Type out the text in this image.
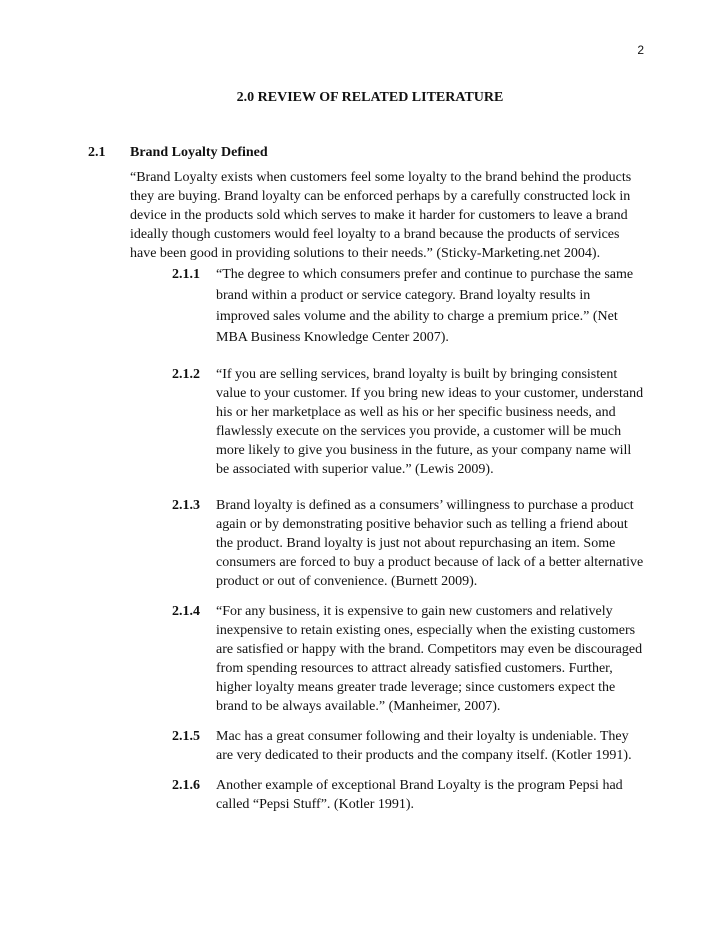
2
2.0 REVIEW OF RELATED LITERATURE
2.1 Brand Loyalty Defined
“Brand Loyalty exists when customers feel some loyalty to the brand behind the products they are buying. Brand loyalty can be enforced perhaps by a carefully constructed lock in device in the products sold which serves to make it harder for customers to leave a brand ideally though customers would feel loyalty to a brand because the products of services have been good in providing solutions to their needs.” (Sticky-Marketing.net 2004).
2.1.1	“The degree to which consumers prefer and continue to purchase the same brand within a product or service category. Brand loyalty results in improved sales volume and the ability to charge a premium price.” (Net MBA Business Knowledge Center 2007).
2.1.2	“If you are selling services, brand loyalty is built by bringing consistent value to your customer. If you bring new ideas to your customer, understand his or her marketplace as well as his or her specific business needs, and flawlessly execute on the services you provide, a customer will be much more likely to give you business in the future, as your company name will be associated with superior value.” (Lewis 2009).
2.1.3	Brand loyalty is defined as a consumers’ willingness to purchase a product again or by demonstrating positive behavior such as telling a friend about the product. Brand loyalty is just not about repurchasing an item. Some consumers are forced to buy a product because of lack of a better alternative product or out of convenience. (Burnett 2009).
2.1.4	“For any business, it is expensive to gain new customers and relatively inexpensive to retain existing ones, especially when the existing customers are satisfied or happy with the brand. Competitors may even be discouraged from spending resources to attract already satisfied customers. Further, higher loyalty means greater trade leverage; since customers expect the brand to be always available.” (Manheimer, 2007).
2.1.5	Mac has a great consumer following and their loyalty is undeniable. They are very dedicated to their products and the company itself. (Kotler 1991).
2.1.6	Another example of exceptional Brand Loyalty is the program Pepsi had called “Pepsi Stuff”. (Kotler 1991).
